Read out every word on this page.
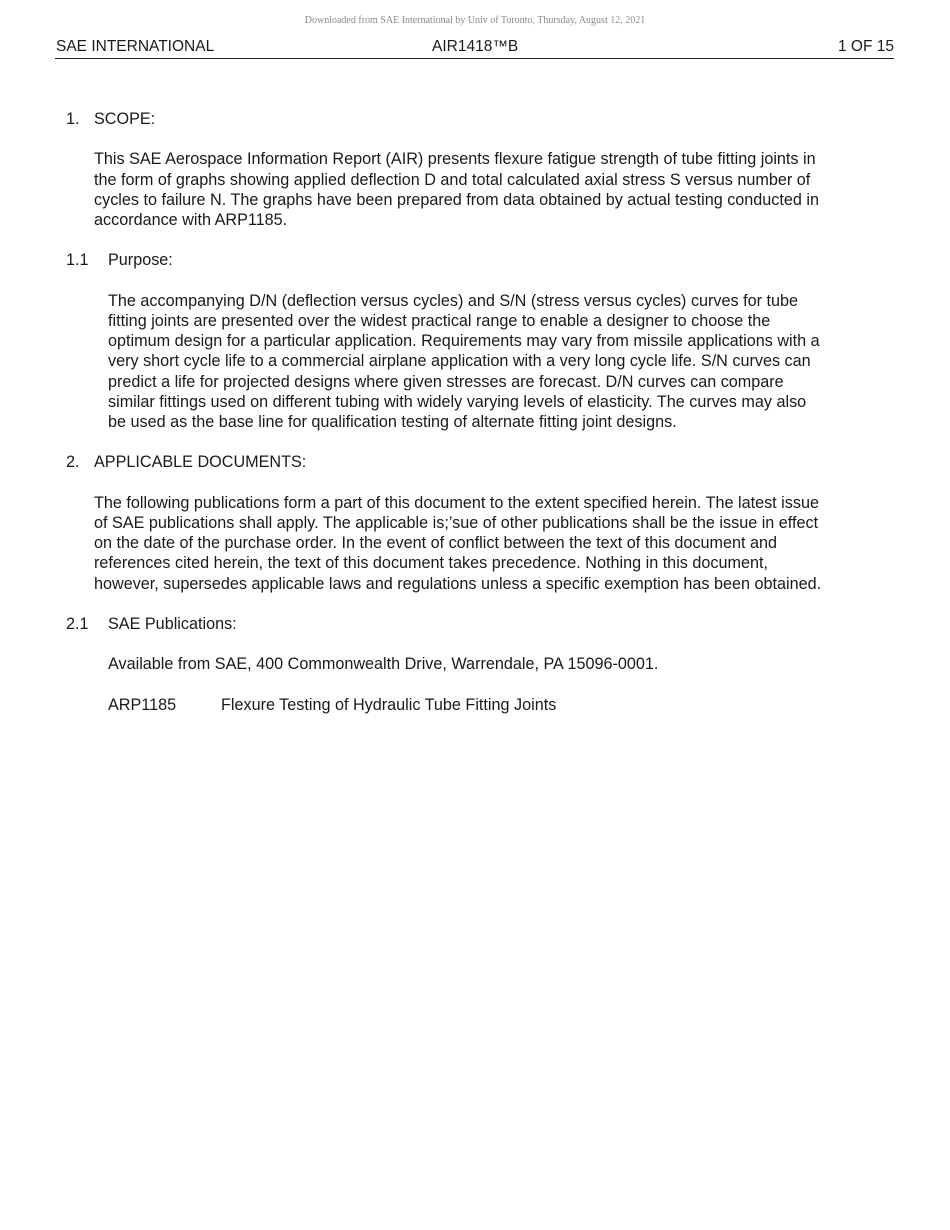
Downloaded from SAE International by Univ of Toronto, Thursday, August 12, 2021
SAE INTERNATIONAL	AIR1418™B	1 OF 15
1. SCOPE:
This SAE Aerospace Information Report (AIR) presents flexure fatigue strength of tube fitting joints in
the form of graphs showing applied deflection D and total calculated axial stress S versus number of
cycles to failure N. The graphs have been prepared from data obtained by actual testing conducted in
accordance with ARP1185.
1.1 Purpose:
The accompanying D/N (deflection versus cycles) and S/N (stress versus cycles) curves for tube
fitting joints are presented over the widest practical range to enable a designer to choose the
optimum design for a particular application. Requirements may vary from missile applications with a
very short cycle life to a commercial airplane application with a very long cycle life. S/N curves can
predict a life for projected designs where given stresses are forecast. D/N curves can compare
similar fittings used on different tubing with widely varying levels of elasticity. The curves may also
be used as the base line for qualification testing of alternate fitting joint designs.
2. APPLICABLE DOCUMENTS:
The following publications form a part of this document to the extent specified herein. The latest issue
of SAE publications shall apply. The applicable is;’sue of other publications shall be the issue in effect
on the date of the purchase order. In the event of conflict between the text of this document and
references cited herein, the text of this document takes precedence. Nothing in this document,
however, supersedes applicable laws and regulations unless a specific exemption has been obtained.
2.1 SAE Publications:
Available from SAE, 400 Commonwealth Drive, Warrendale, PA 15096-0001.
ARP1185	Flexure Testing of Hydraulic Tube Fitting Joints
